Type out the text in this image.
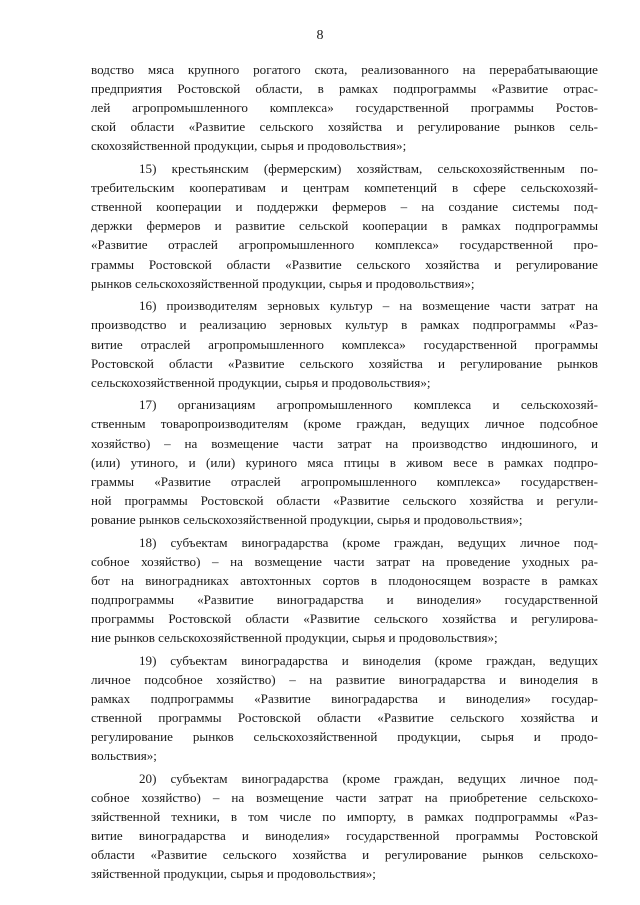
8
водство мяса крупного рогатого скота, реализованного на перерабатывающие
предприятия Ростовской области, в рамках подпрограммы «Развитие отрас-
лей агропромышленного комплекса» государственной программы Ростов-
ской области «Развитие сельского хозяйства и регулирование рынков сель-
скохозяйственной продукции, сырья и продовольствия»;
15) крестьянским (фермерским) хозяйствам, сельскохозяйственным по-
требительским кооперативам и центрам компетенций в сфере сельскохозяй-
ственной кооперации и поддержки фермеров – на создание системы под-
держки фермеров и развитие сельской кооперации в рамках подпрограммы
«Развитие отраслей агропромышленного комплекса» государственной про-
граммы Ростовской области «Развитие сельского хозяйства и регулирование
рынков сельскохозяйственной продукции, сырья и продовольствия»;
16) производителям зерновых культур – на возмещение части затрат на
производство и реализацию зерновых культур в рамках подпрограммы «Раз-
витие отраслей агропромышленного комплекса» государственной программы
Ростовской области «Развитие сельского хозяйства и регулирование рынков
сельскохозяйственной продукции, сырья и продовольствия»;
17) организациям агропромышленного комплекса и сельскохозяй-
ственным товаропроизводителям (кроме граждан, ведущих личное подсобное
хозяйство) – на возмещение части затрат на производство индюшиного, и
(или) утиного, и (или) куриного мяса птицы в живом весе в рамках подпро-
граммы «Развитие отраслей агропромышленного комплекса» государствен-
ной программы Ростовской области «Развитие сельского хозяйства и регули-
рование рынков сельскохозяйственной продукции, сырья и продовольствия»;
18) субъектам виноградарства (кроме граждан, ведущих личное под-
собное хозяйство) – на возмещение части затрат на проведение уходных ра-
бот на виноградниках автохтонных сортов в плодоносящем возрасте в рамках
подпрограммы «Развитие виноградарства и виноделия» государственной
программы Ростовской области «Развитие сельского хозяйства и регулирова-
ние рынков сельскохозяйственной продукции, сырья и продовольствия»;
19) субъектам виноградарства и виноделия (кроме граждан, ведущих
личное подсобное хозяйство) – на развитие виноградарства и виноделия в
рамках подпрограммы «Развитие виноградарства и виноделия» государ-
ственной программы Ростовской области «Развитие сельского хозяйства и
регулирование рынков сельскохозяйственной продукции, сырья и продо-
вольствия»;
20) субъектам виноградарства (кроме граждан, ведущих личное под-
собное хозяйство) – на возмещение части затрат на приобретение сельскохо-
зяйственной техники, в том числе по импорту, в рамках подпрограммы «Раз-
витие виноградарства и виноделия» государственной программы Ростовской
области «Развитие сельского хозяйства и регулирование рынков сельскохо-
зяйственной продукции, сырья и продовольствия»;
